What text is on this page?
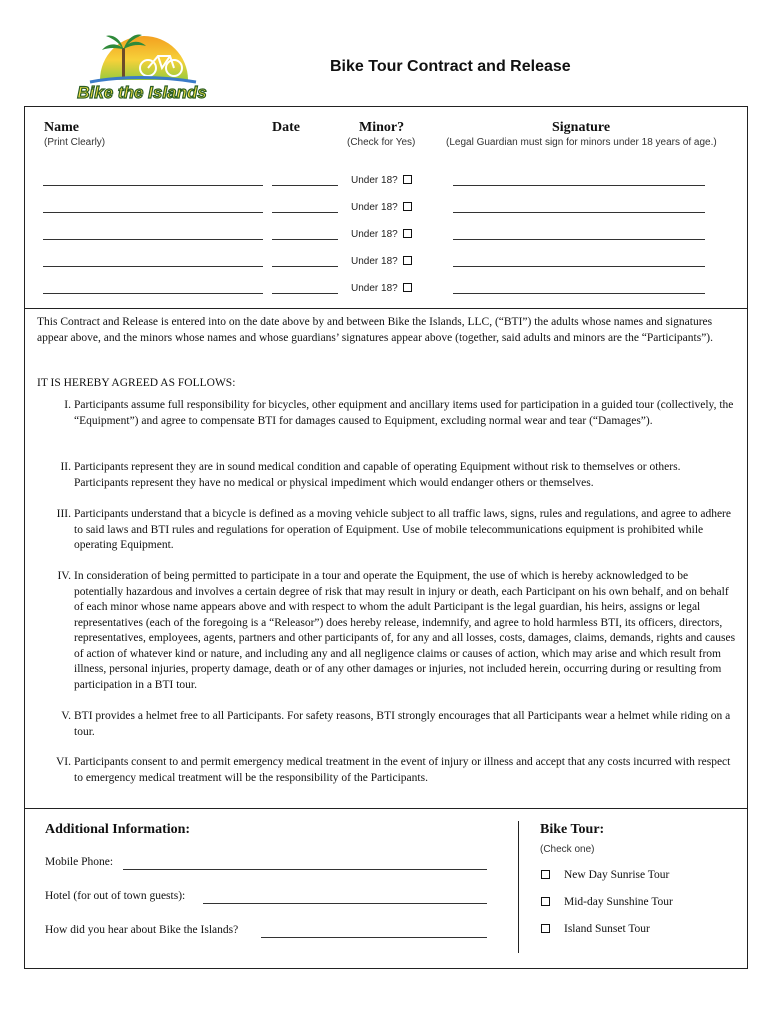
Bike the Islands
Bike Tour Contract and Release
Name
(Print Clearly)
Date	Minor?
(Check for Yes)
Signature
(Legal Guardian must sign for minors under 18 years of age.)
Under 18?
Under 18?
Under 18?
Under 18?
Under 18?
This Contract and Release is entered into on the date above by and between Bike the Islands, LLC, (“BTI”) the adults whose names and signatures appear above, and the minors whose names and whose guardians’ signatures appear above (together, said adults and minors are the “Participants”).
IT IS HEREBY AGREED AS FOLLOWS:
I. Participants assume full responsibility for bicycles, other equipment and ancillary items used for participation in a guided tour (collectively, the “Equipment”) and agree to compensate BTI for damages caused to Equipment, excluding normal wear and tear (“Damages”).
II. Participants represent they are in sound medical condition and capable of operating Equipment without risk to themselves or others. Participants represent they have no medical or physical impediment which would endanger others or themselves.
III. Participants understand that a bicycle is defined as a moving vehicle subject to all traffic laws, signs, rules and regulations, and agree to adhere to said laws and BTI rules and regulations for operation of Equipment. Use of mobile telecommunications equipment is prohibited while operating Equipment.
IV. In consideration of being permitted to participate in a tour and operate the Equipment, the use of which is hereby acknowledged to be potentially hazardous and involves a certain degree of risk that may result in injury or death, each Participant on his own behalf, and on behalf of each minor whose name appears above and with respect to whom the adult Participant is the legal guardian, his heirs, assigns or legal representatives (each of the foregoing is a “Releasor”) does hereby release, indemnify, and agree to hold harmless BTI, its officers, directors, representatives, employees, agents, partners and other participants of, for any and all losses, costs, damages, claims, demands, rights and causes of action of whatever kind or nature, and including any and all negligence claims or causes of action, which may arise and which result from illness, personal injuries, property damage, death or of any other damages or injuries, not included herein, occurring during or resulting from participation in a BTI tour.
V. BTI provides a helmet free to all Participants. For safety reasons, BTI strongly encourages that all Participants wear a helmet while riding on a tour.
VI. Participants consent to and permit emergency medical treatment in the event of injury or illness and accept that any costs incurred with respect to emergency medical treatment will be the responsibility of the Participants.
Additional Information:
Mobile Phone:
Hotel (for out of town guests):
How did you hear about Bike the Islands?
Bike Tour:
(Check one)
New Day Sunrise Tour
Mid-day Sunshine Tour
Island Sunset Tour
